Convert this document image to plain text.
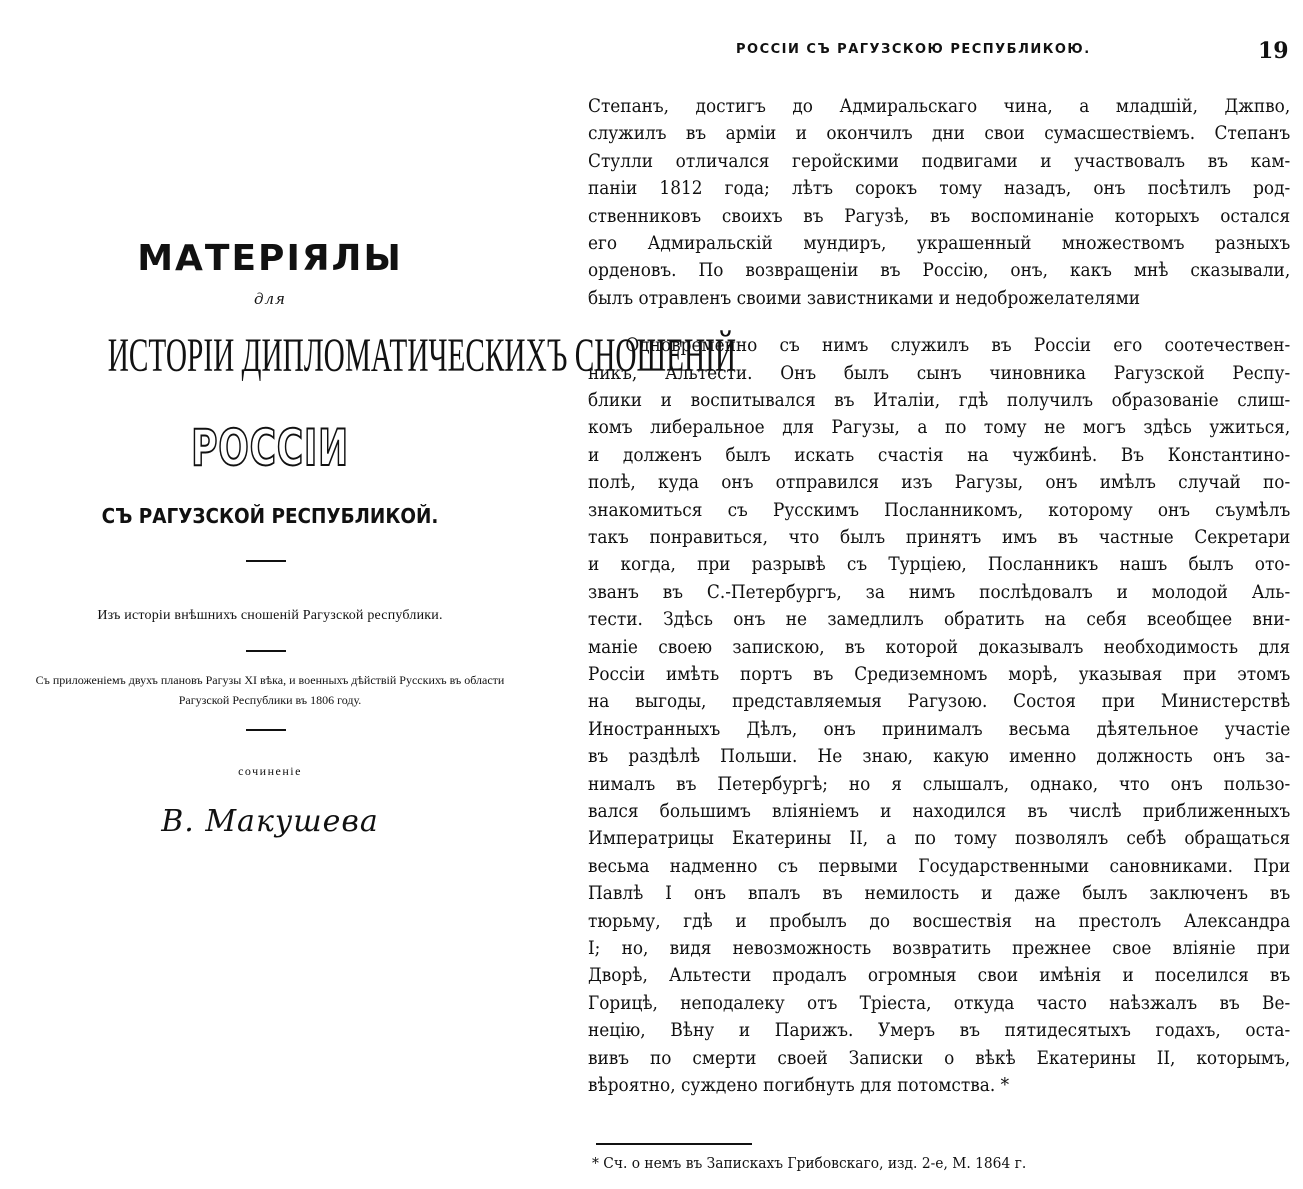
МАТЕРІЯЛЫ
для
ИСТОРІИ ДИПЛОМАТИЧЕСКИХЪ СНОШЕНІЙ
РОССІИ
СЪ РАГУЗСКОЙ РЕСПУБЛИКОЙ.
Изъ исторіи внѣшнихъ сношеній Рагузской республики.
Съ приложеніемъ двухъ плановъ Рагузы XI вѣка, и военныхъ дѣйствій Русскихъ въ области Рагузской Республики въ 1806 году.
сочиненіе
В. Макушева
РОССІИ СЪ РАГУЗСКОЮ РЕСПУБЛИКОЮ.	19
Степанъ, достигъ до Адмиральскаго чина, а младшій, Джпво,
служилъ въ арміи и окончилъ дни свои сумасшествіемъ. Степанъ
Стулли отличался геройскими подвигами и участвовалъ въ кам-
паніи 1812 года; лѣтъ сорокъ тому назадъ, онъ посѣтилъ род-
ственниковъ своихъ въ Рагузѣ, въ воспоминаніе которыхъ остался
его Адмиральскій мундиръ, украшенный множествомъ разныхъ
орденовъ. По возвращеніи въ Россію, онъ, какъ мнѣ сказывали,
былъ отравленъ своими завистниками и недоброжелателями
Одновременно съ нимъ служилъ въ Россіи его соотечествен-
никъ, Альтести. Онъ былъ сынъ чиновника Рагузской Респу-
блики и воспитывался въ Италіи, гдѣ получилъ образованіе слиш-
комъ либеральное для Рагузы, а по тому не могъ здѣсь ужиться,
и долженъ былъ искать счастія на чужбинѣ. Въ Константино-
полѣ, куда онъ отправился изъ Рагузы, онъ имѣлъ случай по-
знакомиться съ Русскимъ Посланникомъ, которому онъ съумѣлъ
такъ понравиться, что былъ принятъ имъ въ частные Секретари
и когда, при разрывѣ съ Турціею, Посланникъ нашъ былъ ото-
званъ въ С.-Петербургъ, за нимъ послѣдовалъ и молодой Аль-
тести. Здѣсь онъ не замедлилъ обратить на себя всеобщее вни-
маніе своею запискою, въ которой доказывалъ необходимость для
Россіи имѣть портъ въ Средиземномъ морѣ, указывая при этомъ
на выгоды, представляемыя Рагузою. Состоя при Министерствѣ
Иностранныхъ Дѣлъ, онъ принималъ весьма дѣятельное участіе
въ раздѣлѣ Польши. Не знаю, какую именно должность онъ за-
нималъ въ Петербургѣ; но я слышалъ, однако, что онъ пользо-
вался большимъ вліяніемъ и находился въ числѣ приближенныхъ
Императрицы Екатерины II, а по тому позволялъ себѣ обращаться
весьма надменно съ первыми Государственными сановниками. При
Павлѣ I онъ впалъ въ немилость и даже былъ заключенъ въ
тюрьму, гдѣ и пробылъ до восшествія на престолъ Александра
I; но, видя невозможность возвратить прежнее свое вліяніе при
Дворѣ, Альтести продалъ огромныя свои имѣнія и поселился въ
Горицѣ, неподалеку отъ Тріеста, откуда часто наѣзжалъ въ Ве-
нецію, Вѣну и Парижъ. Умеръ въ пятидесятыхъ годахъ, оста-
вивъ по смерти своей Записки о вѣкѣ Екатерины II, которымъ,
вѣроятно, суждено погибнуть для потомства. *
* Сч. о немъ въ Запискахъ Грибовскаго, изд. 2-е, М. 1864 г.
